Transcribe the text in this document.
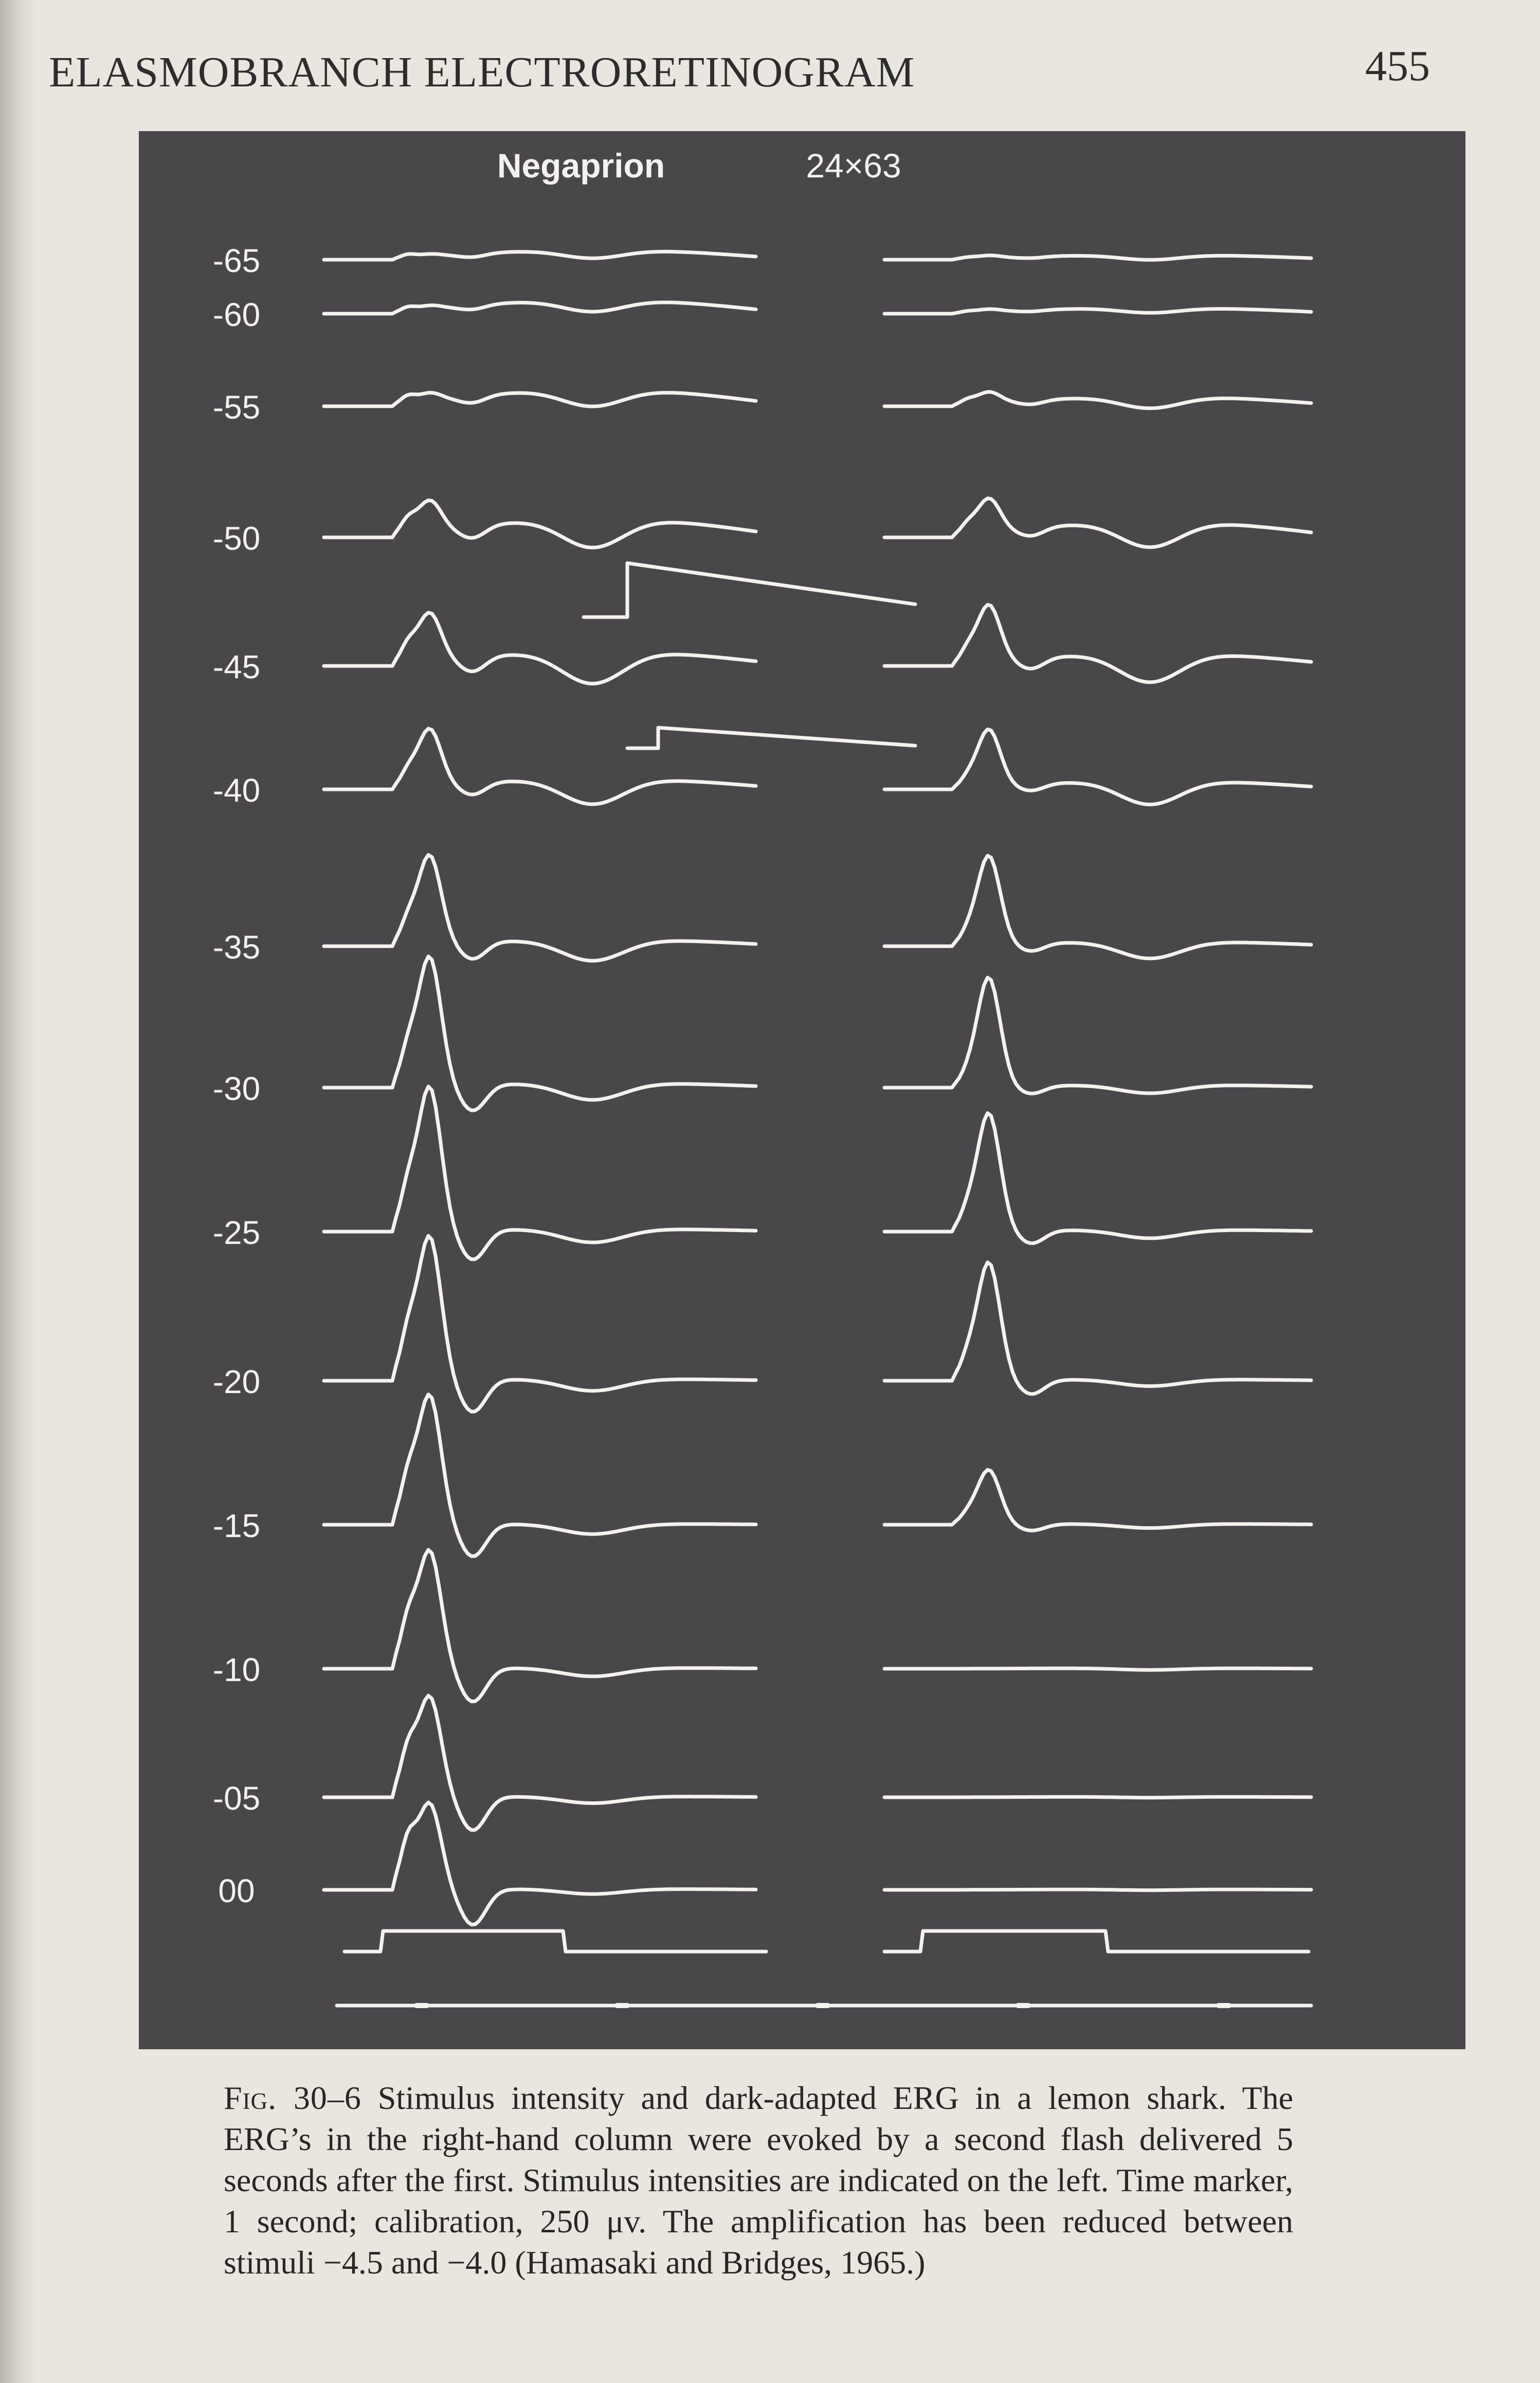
ELASMOBRANCH ELECTRORETINOGRAM	455
Negaprion	24×63
-65
-60
-55
-50
-45
-40
-35
-30
-25
-20
-15
-10
-05
00
Fig. 30–6 Stimulus intensity and dark-adapted ERG in a lemon shark. The ERG’s in the right-hand column were evoked by a second flash delivered 5 seconds after the first. Stimulus intensities are indicated on the left. Time marker, 1 second; calibration, 250 μv. The amplification has been reduced between stimuli −4.5 and −4.0 (Hamasaki and Bridges, 1965.)
